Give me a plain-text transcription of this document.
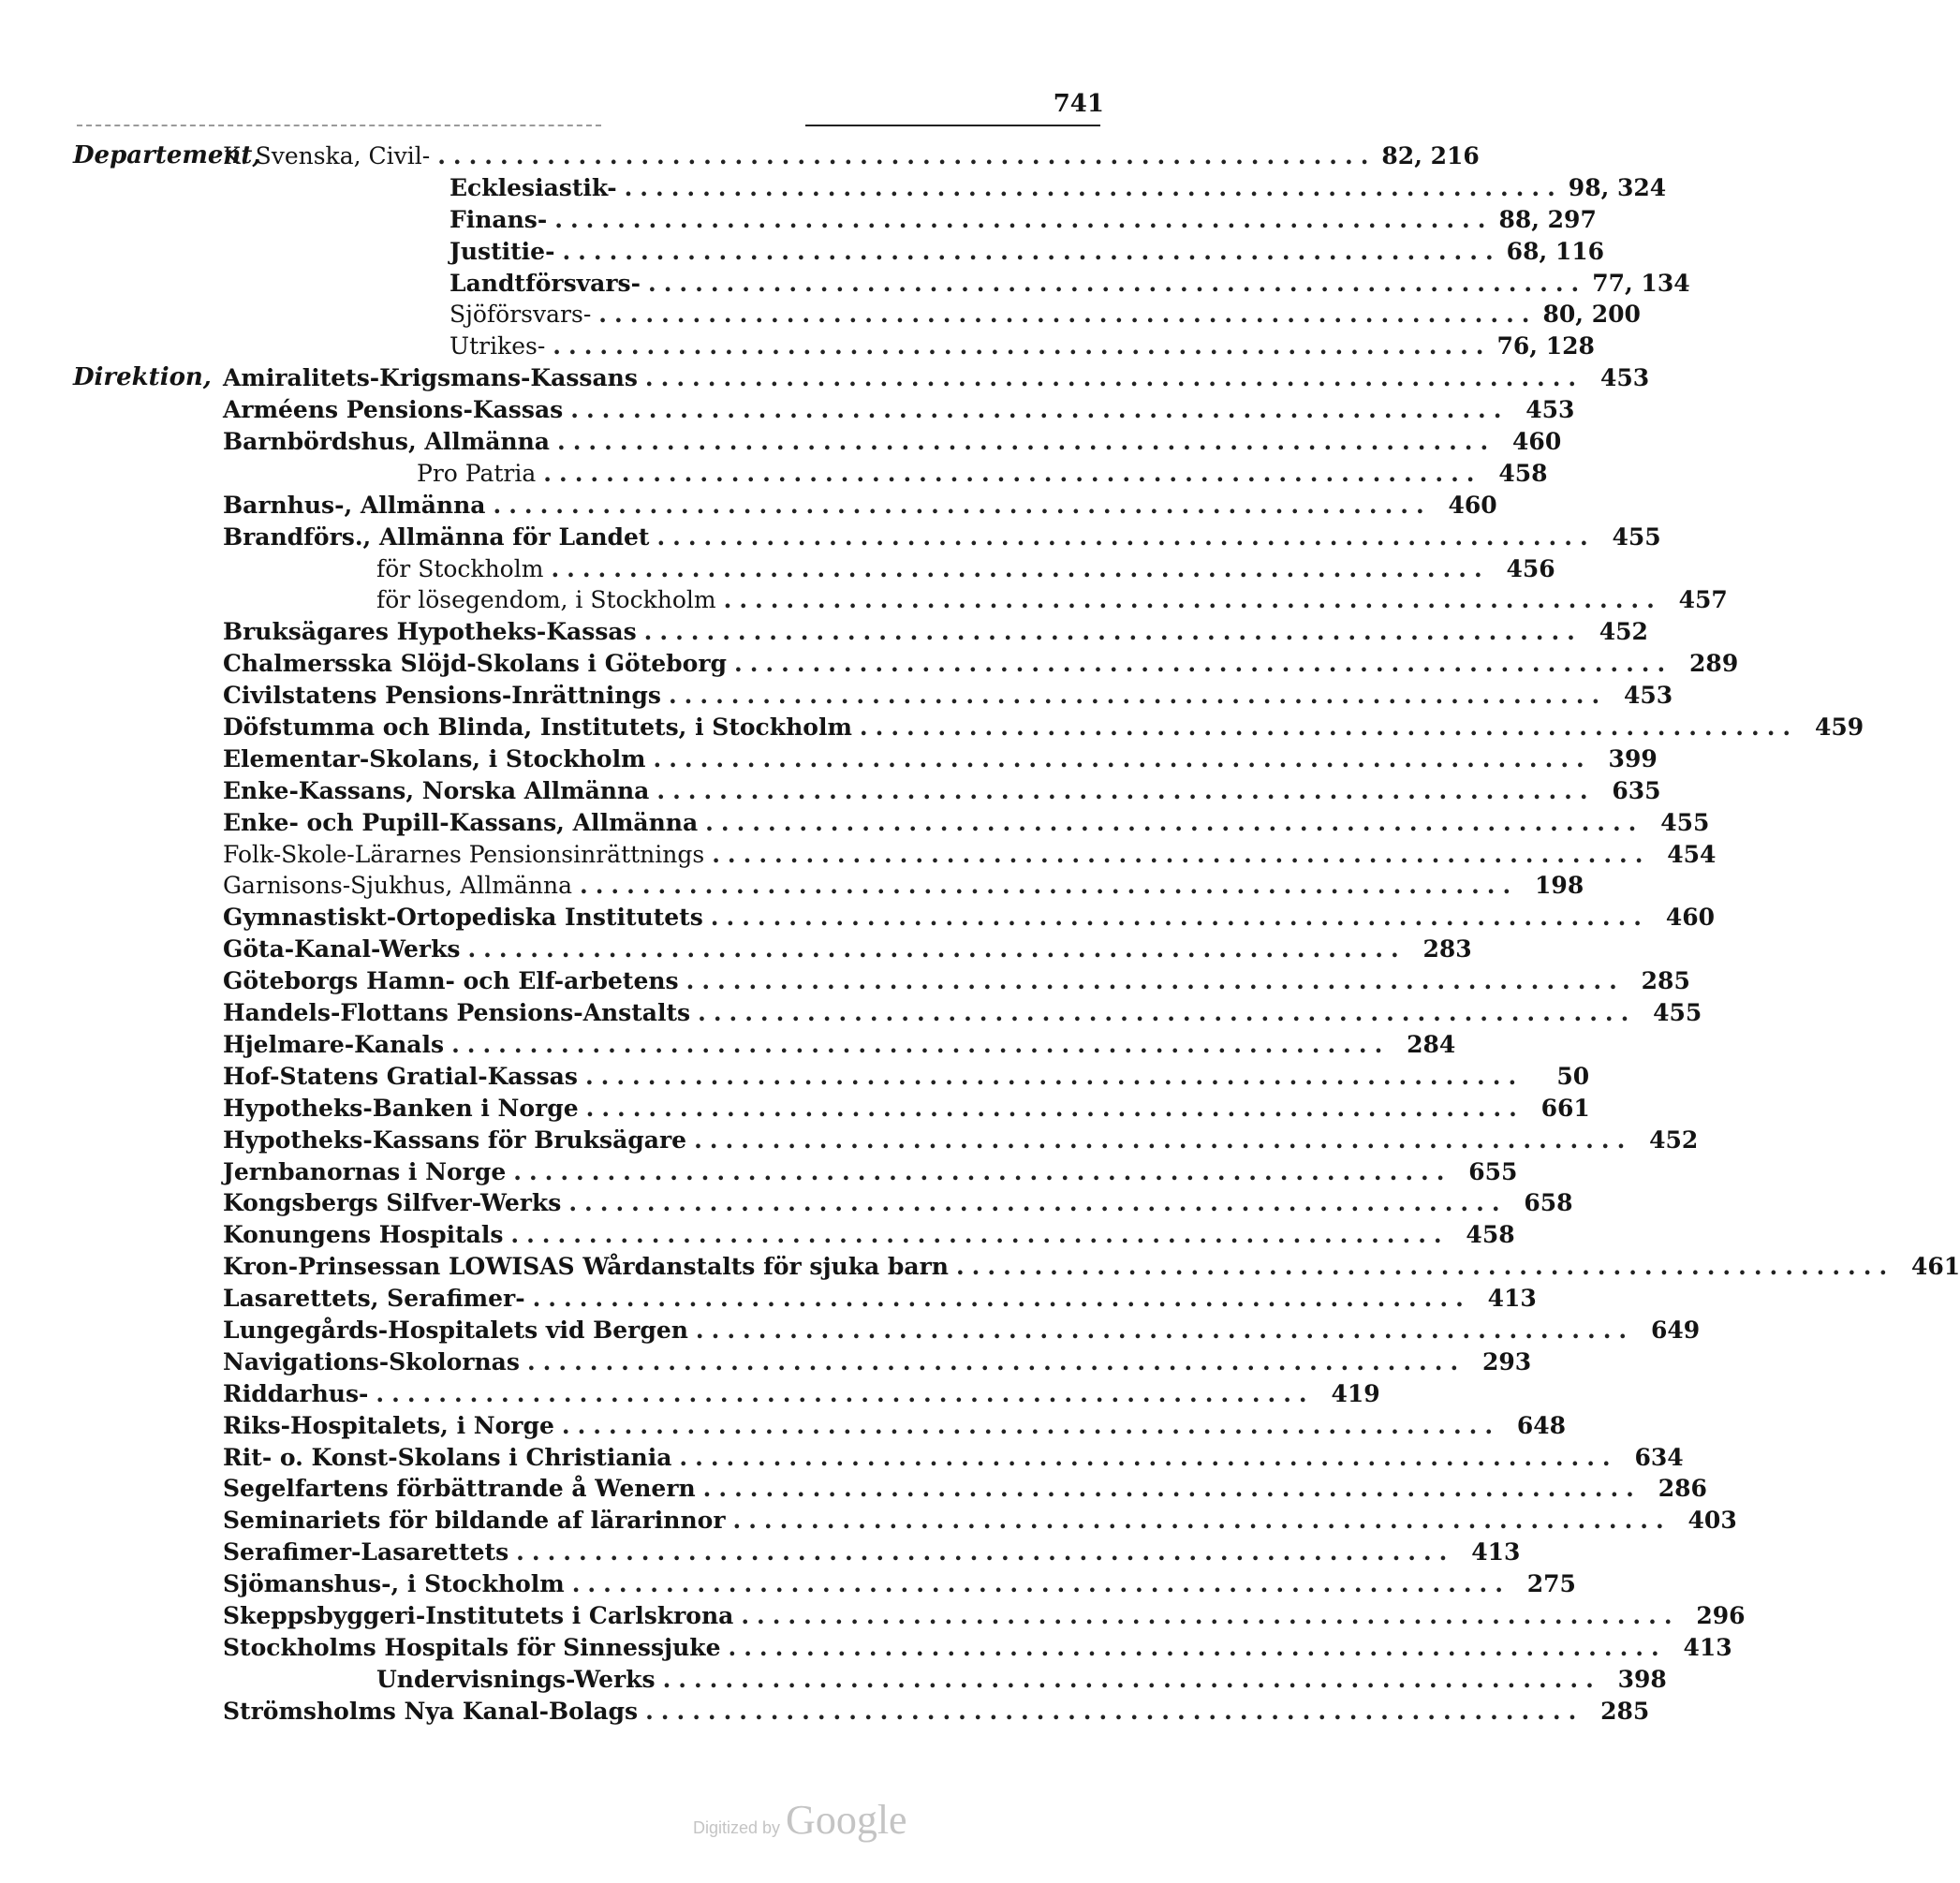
741
Departement,
K. Svenska, Civil- ............................................................ 82, 216
Ecklesiastik- ............................................................ 98, 324
Finans- ............................................................ 88, 297
Justitie- ............................................................ 68, 116
Landtförsvars- ............................................................ 77, 134
Sjöförsvars- ............................................................ 80, 200
Utrikes- ............................................................ 76, 128
Direktion, Amiralitets-Krigsmans-Kassans ............................................................ 453
Arméens Pensions-Kassas ............................................................ 453
Barnbördshus, Allmänna ............................................................ 460
Pro Patria ............................................................ 458
Barnhus-, Allmänna ............................................................ 460
Brandförs., Allmänna för Landet ............................................................ 455
för Stockholm ............................................................ 456
för lösegendom, i Stockholm ............................................................ 457
Bruksägares Hypotheks-Kassas ............................................................ 452
Chalmersska Slöjd-Skolans i Göteborg ............................................................ 289
Civilstatens Pensions-Inrättnings ............................................................ 453
Döfstumma och Blinda, Institutets, i Stockholm ............................................................ 459
Elementar-Skolans, i Stockholm ............................................................ 399
Enke-Kassans, Norska Allmänna ............................................................ 635
Enke- och Pupill-Kassans, Allmänna ............................................................ 455
Folk-Skole-Lärarnes Pensionsinrättnings ............................................................ 454
Garnisons-Sjukhus, Allmänna ............................................................ 198
Gymnastiskt-Ortopediska Institutets ............................................................ 460
Göta-Kanal-Werks ............................................................ 283
Göteborgs Hamn- och Elf-arbetens ............................................................ 285
Handels-Flottans Pensions-Anstalts ............................................................ 455
Hjelmare-Kanals ............................................................ 284
Hof-Statens Gratial-Kassas ............................................................	50
Hypotheks-Banken i Norge ............................................................ 661
Hypotheks-Kassans för Bruksägare ............................................................ 452
Jernbanornas i Norge ............................................................ 655
Kongsbergs Silfver-Werks ............................................................ 658
Konungens Hospitals ............................................................ 458
Kron-Prinsessan LOWISAS Wårdanstalts för sjuka barn ............................................................ 461
Lasarettets, Serafimer- ............................................................ 413
Lungegårds-Hospitalets vid Bergen ............................................................ 649
Navigations-Skolornas ............................................................ 293
Riddarhus- ............................................................ 419
Riks-Hospitalets, i Norge ............................................................ 648
Rit- o. Konst-Skolans i Christiania ............................................................ 634
Segelfartens förbättrande å Wenern ............................................................ 286
Seminariets för bildande af lärarinnor ............................................................ 403
Serafimer-Lasarettets ............................................................ 413
Sjömanshus-, i Stockholm ............................................................ 275
Skeppsbyggeri-Institutets i Carlskrona ............................................................ 296
Stockholms Hospitals för Sinnessjuke ............................................................ 413
Undervisnings-Werks ............................................................ 398
Strömsholms Nya Kanal-Bolags ............................................................ 285
Digitized by Google
